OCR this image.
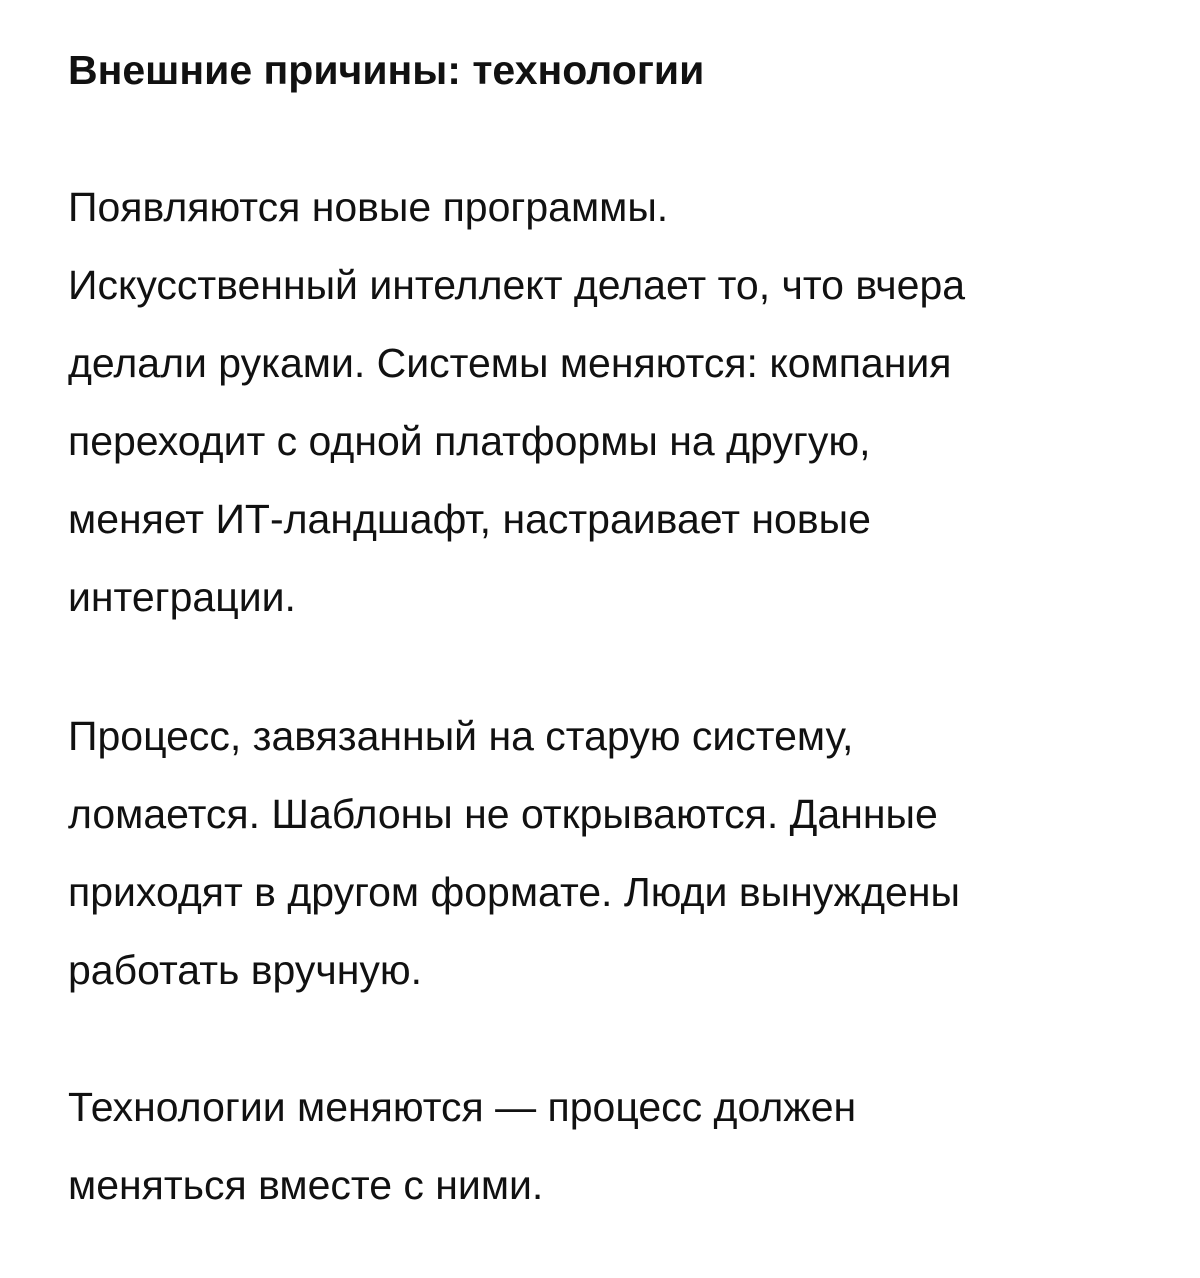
Внешние причины: технологии

Появляются новые программы.
Искусственный интеллект делает то, что вчера
делали руками. Системы меняются: компания
переходит с одной платформы на другую,
меняет ИТ-ландшафт, настраивает новые
интеграции.

Процесс, завязанный на старую систему,
ломается. Шаблоны не открываются. Данные
приходят в другом формате. Люди вынуждены
работать вручную.

Технологии меняются — процесс должен
меняться вместе с ними.
